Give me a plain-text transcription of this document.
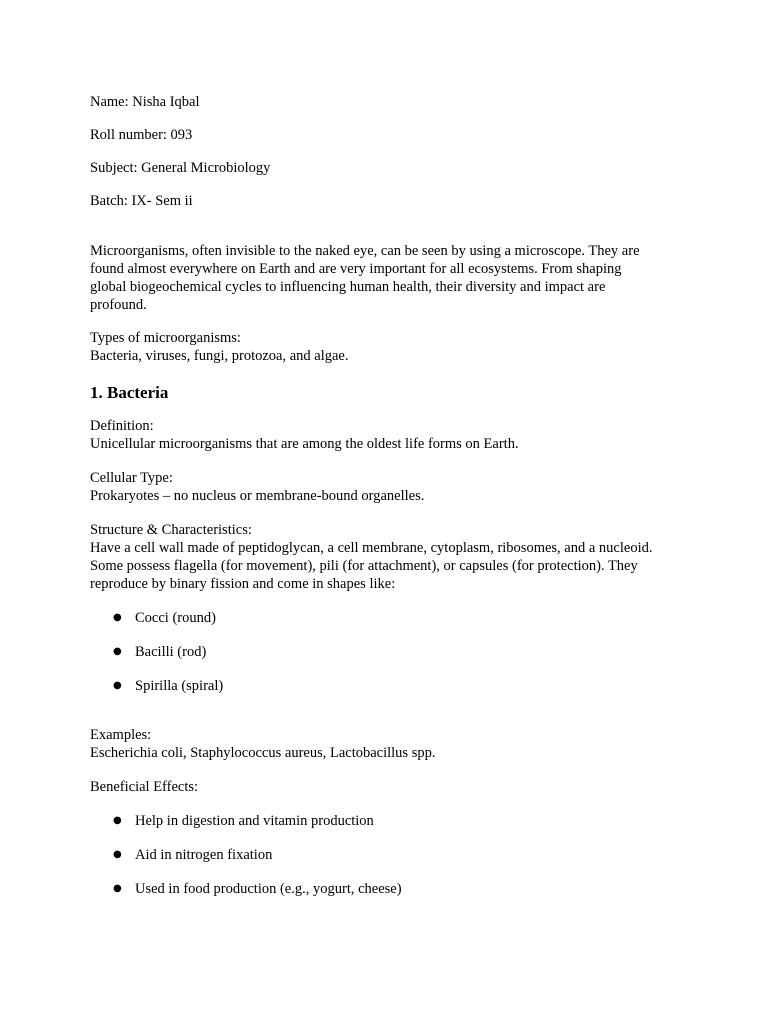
Name: Nisha Iqbal

Roll number: 093

Subject: General Microbiology

Batch: IX- Sem ii

Microorganisms, often invisible to the naked eye, can be seen by using a microscope. They are
found almost everywhere on Earth and are very important for all ecosystems. From shaping
global biogeochemical cycles to influencing human health, their diversity and impact are
profound.

Types of microorganisms:
Bacteria, viruses, fungi, protozoa, and algae.

1. Bacteria

Definition:
Unicellular microorganisms that are among the oldest life forms on Earth.

Cellular Type:
Prokaryotes – no nucleus or membrane-bound organelles.

Structure & Characteristics:
Have a cell wall made of peptidoglycan, a cell membrane, cytoplasm, ribosomes, and a nucleoid.
Some possess flagella (for movement), pili (for attachment), or capsules (for protection). They
reproduce by binary fission and come in shapes like:

● Cocci (round)
● Bacilli (rod)
● Spirilla (spiral)

Examples:
Escherichia coli, Staphylococcus aureus, Lactobacillus spp.

Beneficial Effects:

● Help in digestion and vitamin production
● Aid in nitrogen fixation
● Used in food production (e.g., yogurt, cheese)
